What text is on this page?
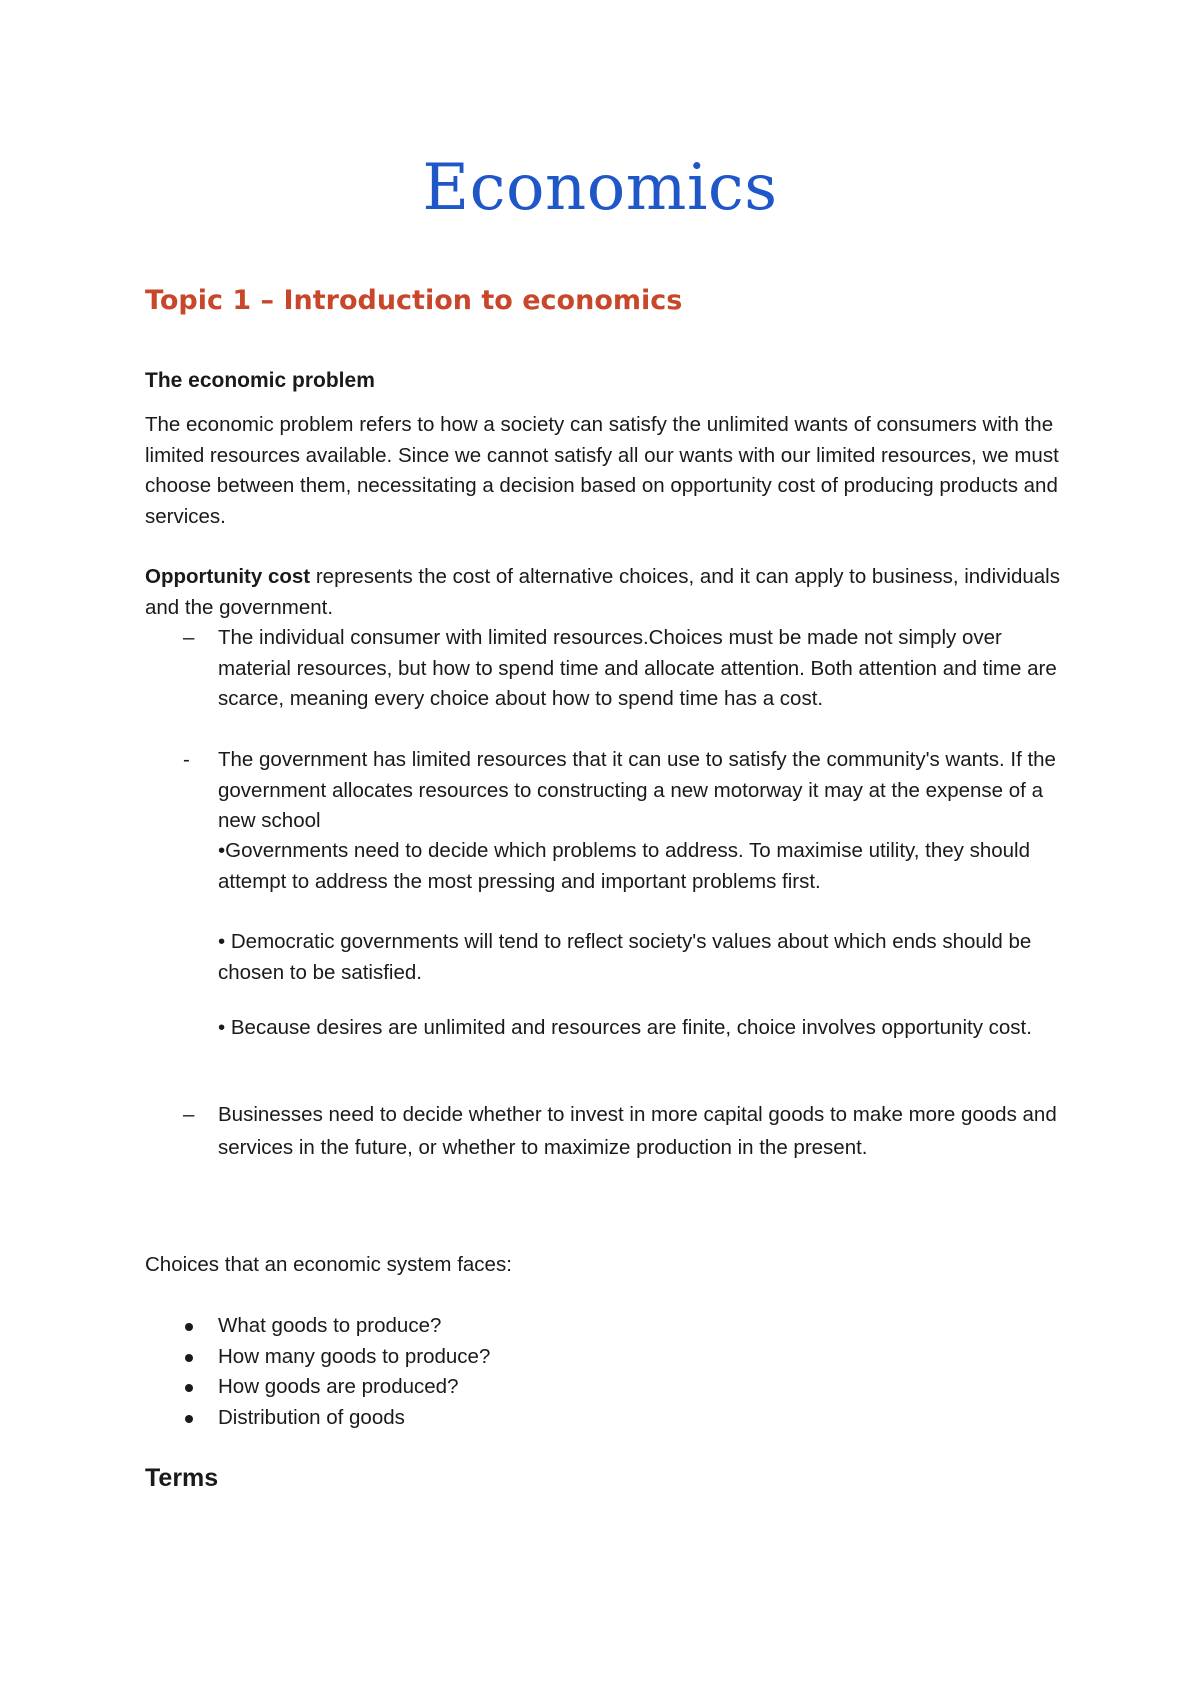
Economics
Topic 1 – Introduction to economics
The economic problem

The economic problem refers to how a society can satisfy the unlimited wants of consumers with the limited resources available. Since we cannot satisfy all our wants with our limited resources, we must choose between them, necessitating a decision based on opportunity cost of producing products and services.

Opportunity cost represents the cost of alternative choices, and it can apply to business, individuals and the government.

– The individual consumer with limited resources.Choices must be made not simply over material resources, but how to spend time and allocate attention. Both attention and time are scarce, meaning every choice about how to spend time has a cost.

- The government has limited resources that it can use to satisfy the community's wants. If the government allocates resources to constructing a new motorway it may at the expense of a new school

•Governments need to decide which problems to address. To maximise utility, they should attempt to address the most pressing and important problems first.

• Democratic governments will tend to reflect society's values about which ends should be chosen to be satisfied.

• Because desires are unlimited and resources are finite, choice involves opportunity cost.

– Businesses need to decide whether to invest in more capital goods to make more goods and services in the future, or whether to maximize production in the present.

Choices that an economic system faces:
What goods to produce?
How many goods to produce?
How goods are produced?
Distribution of goods
Terms
